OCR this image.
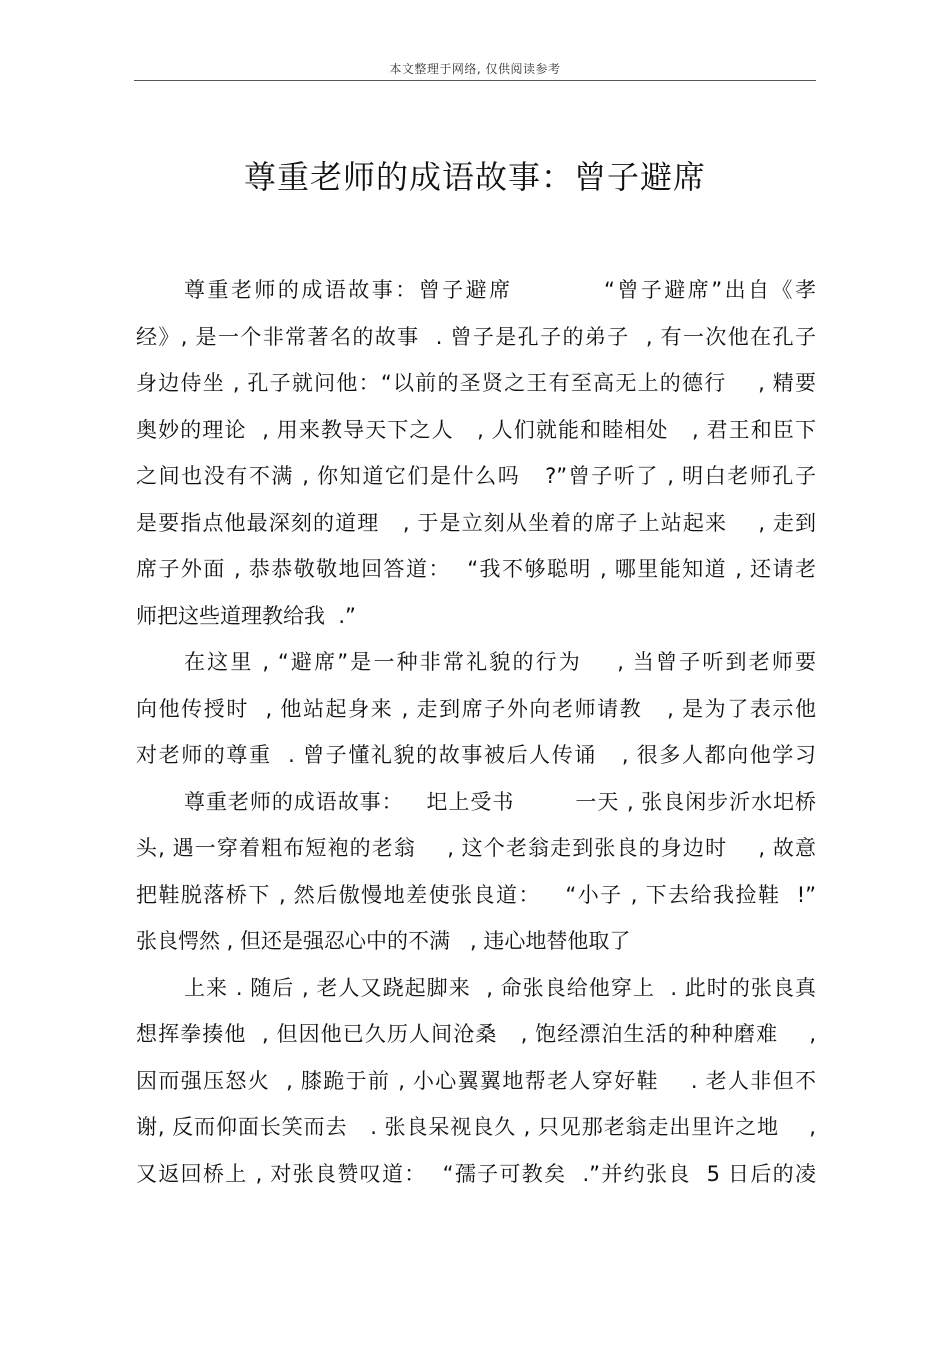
本文整理于网络, 仅供阅读参考
尊重老师的成语故事：曾子避席
尊重老师的成语故事：曾子避席          “曾子避席”出自《孝
经》, 是一个非常著名的故事  . 曾子是孔子的弟子  , 有一次他在孔子
身边侍坐 , 孔子就问他：“以前的圣贤之王有至高无上的德行    , 精要
奥妙的理论  , 用来教导天下之人   , 人们就能和睦相处   , 君王和臣下
之间也没有不满 , 你知道它们是什么吗   ?”曾子听了 , 明白老师孔子
是要指点他最深刻的道理   , 于是立刻从坐着的席子上站起来    , 走到
席子外面 , 恭恭敬敬地回答道：  “我不够聪明 , 哪里能知道 , 还请老
师把这些道理教给我  .”
在这里 , “避席”是一种非常礼貌的行为    , 当曾子听到老师要
向他传授时  , 他站起身来 , 走到席子外向老师请教   , 是为了表示他
对老师的尊重  . 曾子懂礼貌的故事被后人传诵   , 很多人都向他学习
尊重老师的成语故事：   圯上受书        一天 , 张良闲步沂水圯桥
头, 遇一穿着粗布短袍的老翁    , 这个老翁走到张良的身边时    , 故意
把鞋脱落桥下 , 然后傲慢地差使张良道：   “小子 , 下去给我捡鞋  !”
张良愕然 , 但还是强忍心中的不满   , 违心地替他取了
上来 . 随后 , 老人又跷起脚来  , 命张良给他穿上  . 此时的张良真
想挥拳揍他  , 但因他已久历人间沧桑   , 饱经漂泊生活的种种磨难    ,
因而强压怒火  , 膝跪于前 , 小心翼翼地帮老人穿好鞋    . 老人非但不
谢, 反而仰面长笑而去   . 张良呆视良久 , 只见那老翁走出里许之地    ,
又返回桥上 , 对张良赞叹道：  “孺子可教矣  .”并约张良  5 日后的凌
